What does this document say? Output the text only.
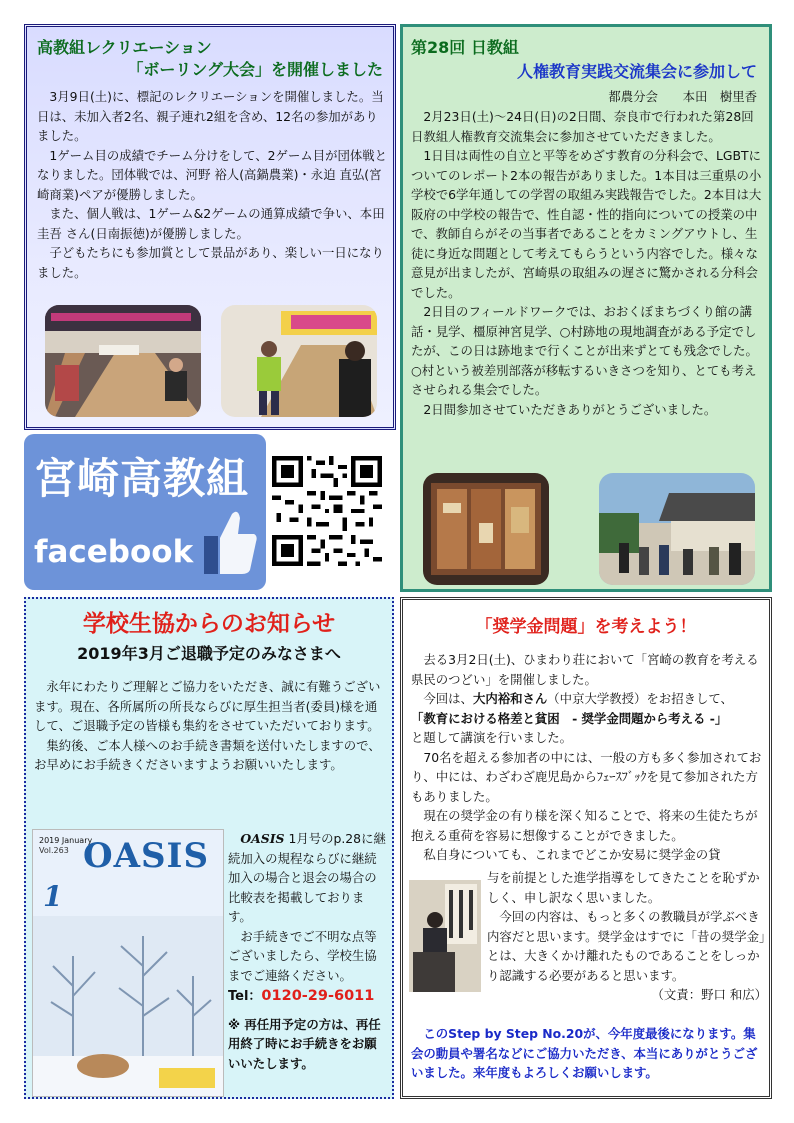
高教組レクリエーション
「ボーリング大会」を開催しました

3月9日(土)に、標記のレクリエーションを開催しました。当日は、未加入者2名、親子連れ2組を含め、12名の参加がありました。

1ゲーム目の成績でチーム分けをして、2ゲーム目が団体戦となりました。団体戦では、河野 裕人(高鍋農業)・永迫 直弘(宮崎商業)ペアが優勝しました。

また、個人戦は、1ゲーム&2ゲームの通算成績で争い、本田 圭吾 さん(日南振徳)が優勝しました。

子どもたちにも参加賞として景品があり、楽しい一日になりました。

第28回 日教組
人権教育実践交流集会に参加して
都農分会　　本田　樹里香

2月23日(土)～24日(日)の2日間、奈良市で行われた第28回日教組人権教育交流集会に参加させていただきました。

1日目は両性の自立と平等をめざす教育の分科会で、LGBTについてのレポート2本の報告がありました。1本目は三重県の小学校で6学年通しての学習の取組み実践報告でした。2本目は大阪府の中学校の報告で、性自認・性的指向についての授業の中で、教師自らがその当事者であることをカミングアウトし、生徒に身近な問題として考えてもらうという内容でした。様々な意見が出ましたが、宮崎県の取組みの遅さに驚かされる分科会でした。

2日目のフィールドワークでは、おおくぼまちづくり館の講話・見学、橿原神宮見学、○村跡地の現地調査がある予定でしたが、この日は跡地まで行くことが出来ずとても残念でした。○村という被差別部落が移転するいきさつを知り、とても考えさせられる集会でした。

2日間参加させていただきありがとうございました。

宮崎高教組
facebook
学校生協からのお知らせ
2019年3月ご退職予定のみなさまへ

永年にわたりご理解とご協力をいただき、誠に有難うございます。現在、各所属所の所長ならびに厚生担当者(委員)様を通して、ご退職予定の皆様も集約をさせていただいております。

集約後、ご本人様へのお手続き書類を送付いたしますので、お早めにお手続きくださいますようお願いいたします。

2019 January
Vol.263 OASIS
1

OASIS 1月号のp.28に継続加入の規程ならびに継続加入の場合と退会の場合の比較表を掲載しております。

お手続きでご不明な点等ございましたら、学校生協までご連絡ください。

Tel：0120-29-6011

※ 再任用予定の方は、再任用終了時にお手続きをお願いいたします。

「奨学金問題」を考えよう！

去る3月2日(土)、ひまわり荘において「宮崎の教育を考える県民のつどい」を開催しました。

今回は、大内裕和さん（中京大学教授）をお招きして、
「教育における格差と貧困　- 奨学金問題から考える -」
と題して講演を行いました。

70名を超える参加者の中には、一般の方も多く参加されており、中には、わざわざ鹿児島からﾌｪｰｽﾌﾞｯｸを見て参加された方もありました。

現在の奨学金の有り様を深く知ることで、将来の生徒たちが抱える重荷を容易に想像することができました。

私自身についても、これまでどこか安易に奨学金の貸

与を前提とした進学指導をしてきたことを恥ずかしく、申し訳なく思いました。

今回の内容は、もっと多くの教職員が学ぶべき内容だと思います。奨学金はすでに「昔の奨学金」とは、大きくかけ離れたものであることをしっかり認識する必要があると思います。

（文責：野口 和広）

このStep by Step No.20が、今年度最後になります。集会の動員や署名などにご協力いただき、本当にありがとうございました。来年度もよろしくお願いします。
